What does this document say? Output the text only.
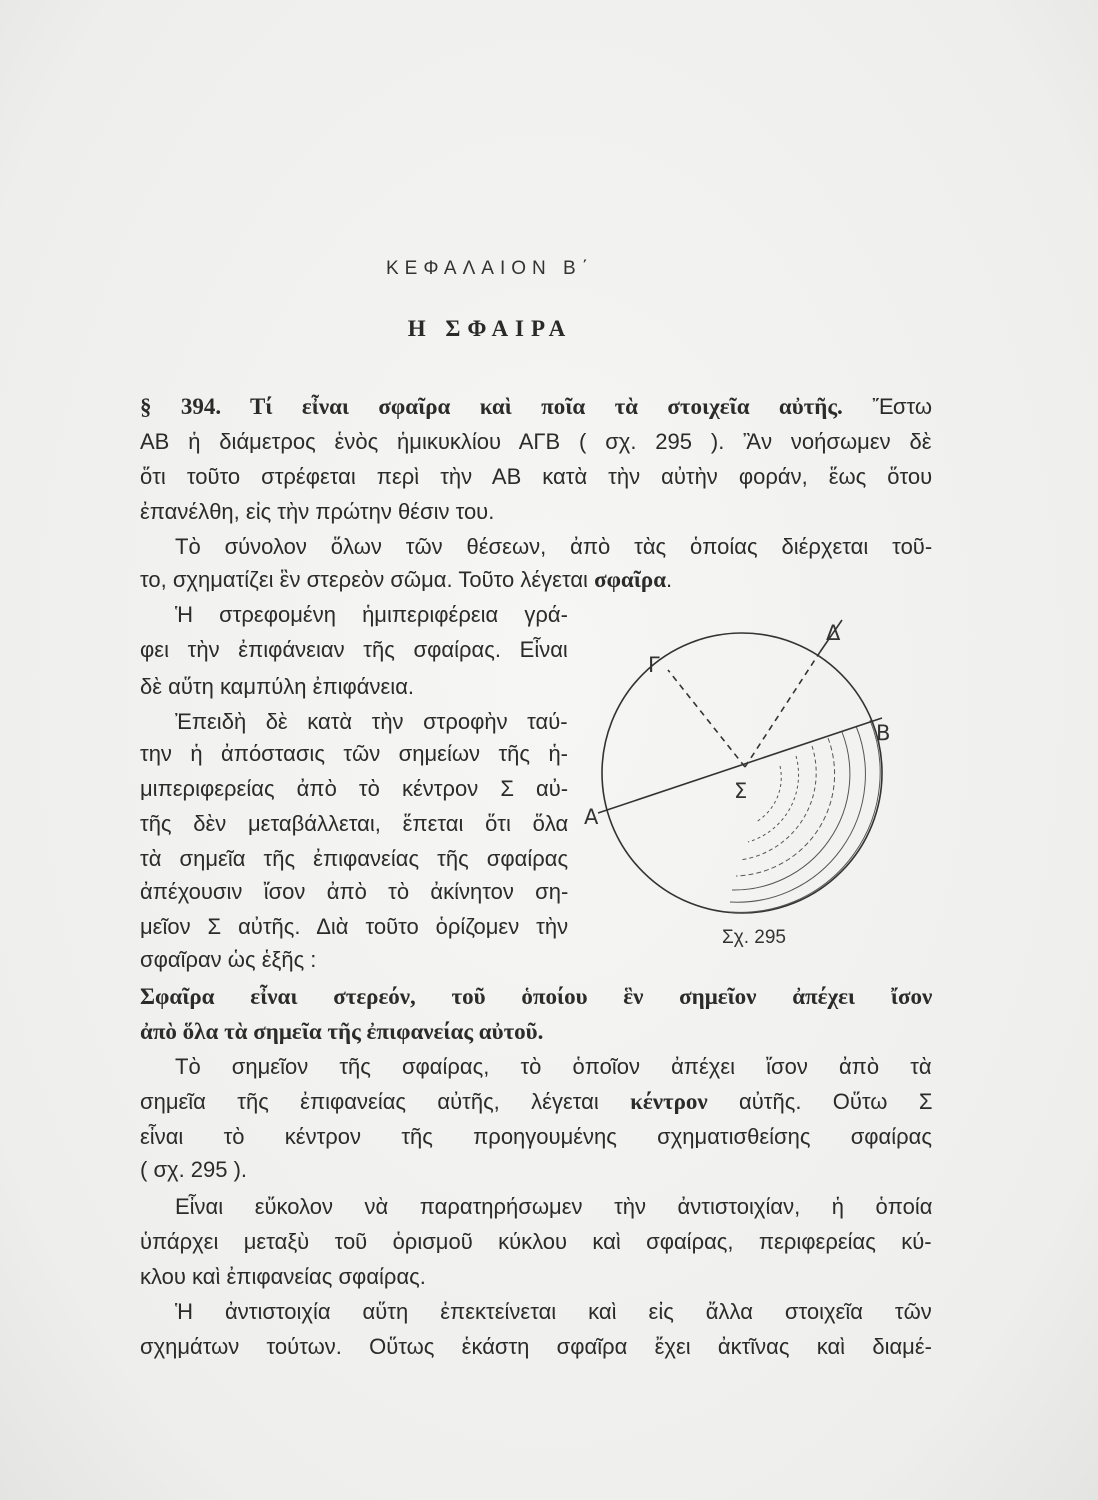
ΚΕΦΑΛΑΙΟΝ Β΄
Η ΣΦΑΙΡΑ
§ 394. Τί εἶναι σφαῖρα καὶ ποῖα τὰ στοιχεῖα αὐτῆς. Ἔστω
ΑΒ ἡ διάμετρος ἑνὸς ἡμικυκλίου ΑΓΒ ( σχ. 295 ). Ἂν νοήσωμεν δὲ
ὅτι τοῦτο στρέφεται περὶ τὴν ΑΒ κατὰ τὴν αὐτὴν φοράν, ἕως ὅτου
ἐπανέλθη, εἰς τὴν πρώτην θέσιν του.
Τὸ σύνολον ὅλων τῶν θέσεων, ἀπὸ τὰς ὁποίας διέρχεται τοῦ-
το, σχηματίζει ἓν στερεὸν σῶμα. Τοῦτο λέγεται σφαῖρα.
Ἡ στρεφομένη ἡμιπεριφέρεια γρά-
φει τὴν ἐπιφάνειαν τῆς σφαίρας. Εἶναι
δὲ αὕτη καμπύλη ἐπιφάνεια.
Ἐπειδὴ δὲ κατὰ τὴν στροφὴν ταύ-
την ἡ ἀπόστασις τῶν σημείων τῆς ἡ-
μιπεριφερείας ἀπὸ τὸ κέντρον Σ αὐ-
τῆς δὲν μεταβάλλεται, ἕπεται ὅτι ὅλα
τὰ σημεῖα τῆς ἐπιφανείας τῆς σφαίρας
ἀπέχουσιν ἴσον ἀπὸ τὸ ἀκίνητον ση-
μεῖον Σ αὐτῆς. Διὰ τοῦτο ὁρίζομεν τὴν
σφαῖραν ὡς ἑξῆς :
Σφαῖρα εἶναι στερεόν, τοῦ ὁποίου ἓν σημεῖον ἀπέχει ἴσον
ἀπὸ ὅλα τὰ σημεῖα τῆς ἐπιφανείας αὐτοῦ.
Τὸ σημεῖον τῆς σφαίρας, τὸ ὁποῖον ἀπέχει ἴσον ἀπὸ τὰ
σημεῖα τῆς ἐπιφανείας αὐτῆς, λέγεται κέντρον αὐτῆς. Οὕτω Σ
εἶναι τὸ κέντρον τῆς προηγουμένης σχηματισθείσης σφαίρας
( σχ. 295 ).
Εἶναι εὔκολον νὰ παρατηρήσωμεν τὴν ἀντιστοιχίαν, ἡ ὁποία
ὑπάρχει μεταξὺ τοῦ ὁρισμοῦ κύκλου καὶ σφαίρας, περιφερείας κύ-
κλου καὶ ἐπιφανείας σφαίρας.
Ἡ ἀντιστοιχία αὕτη ἐπεκτείνεται καὶ εἰς ἄλλα στοιχεῖα τῶν
σχημάτων τούτων. Οὕτως ἑκάστη σφαῖρα ἔχει ἀκτῖνας καὶ διαμέ-
Α
Β
Γ
Δ
Σ
Σχ. 295
